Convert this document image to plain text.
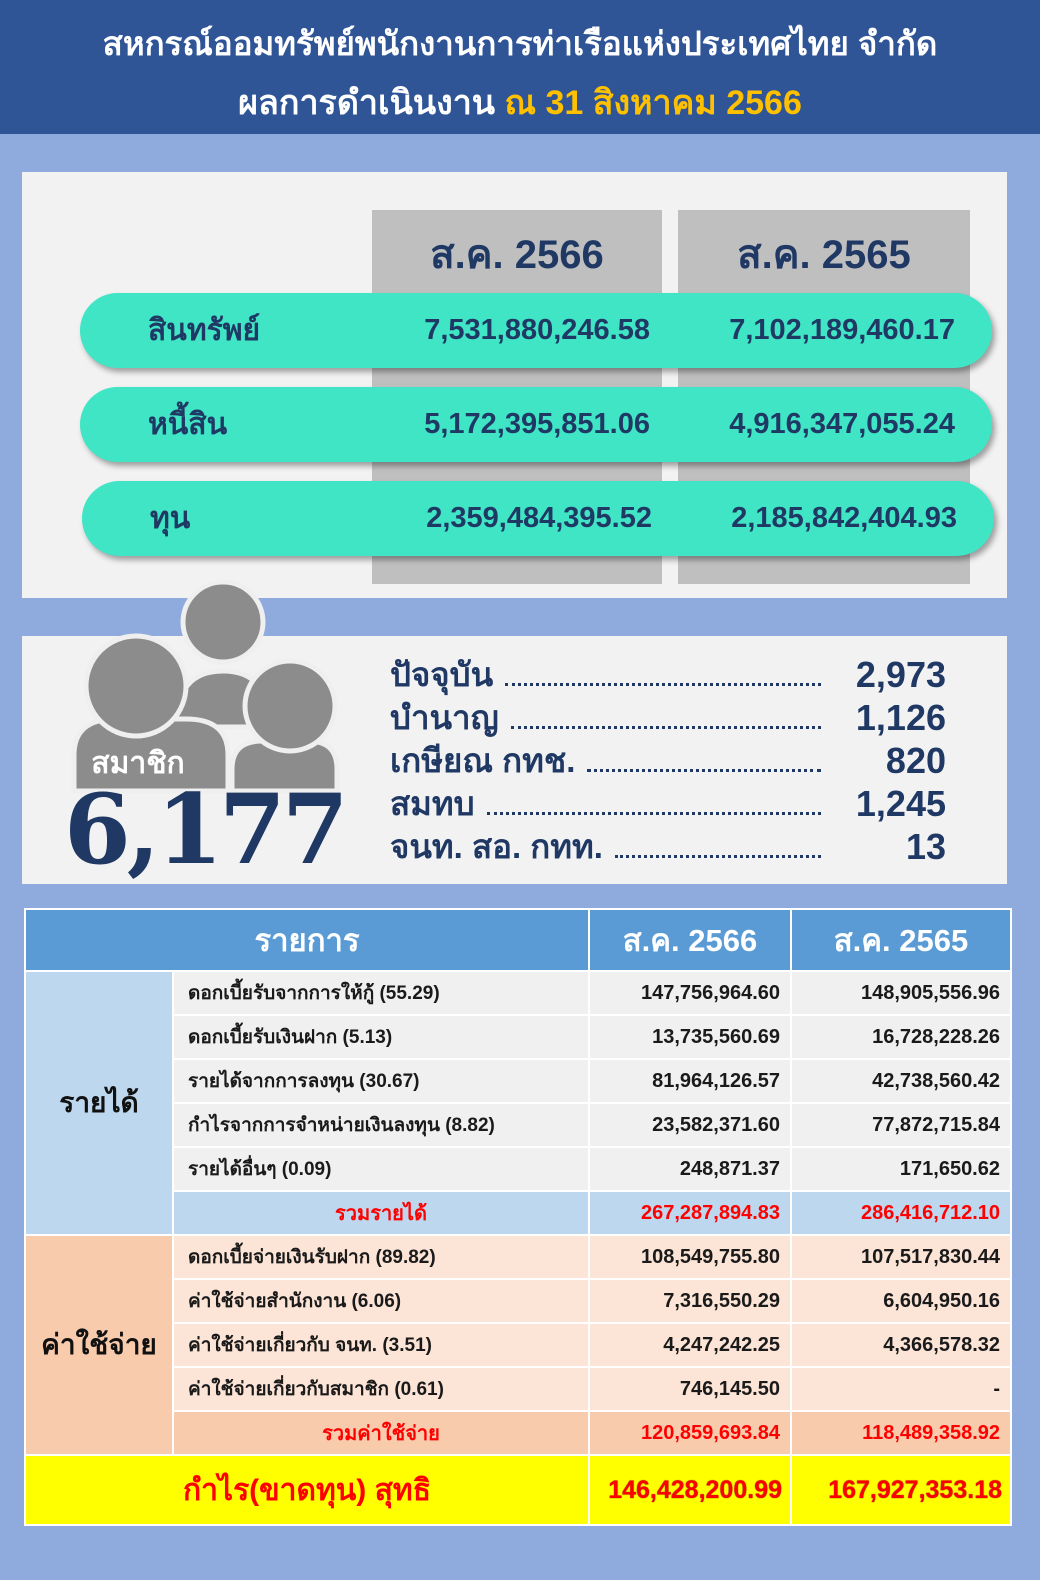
สหกรณ์ออมทรัพย์พนักงานการท่าเรือแห่งประเทศไทย จำกัด
ผลการดำเนินงาน ณ 31 สิงหาคม 2566
ส.ค. 2566	ส.ค. 2565
สินทรัพย์	7,531,880,246.58	7,102,189,460.17
หนี้สิน	5,172,395,851.06	4,916,347,055.24
ทุน	2,359,484,395.52	2,185,842,404.93
ปัจจุบัน	2,973
บำนาญ	1,126
เกษียณ กทช.	820
สมทบ	1,245
จนท. สอ. กทท.	13
สมาชิก
6,177
รายการ		ส.ค. 2566	ส.ค. 2565
รายได้	ดอกเบี้ยรับจากการให้กู้ (55.29)	147,756,964.60	148,905,556.96
	ดอกเบี้ยรับเงินฝาก (5.13)	13,735,560.69	16,728,228.26
	รายได้จากการลงทุน (30.67)	81,964,126.57	42,738,560.42
	กำไรจากการจำหน่ายเงินลงทุน (8.82)	23,582,371.60	77,872,715.84
	รายได้อื่นๆ (0.09)	248,871.37	171,650.62
	รวมรายได้	267,287,894.83	286,416,712.10
ค่าใช้จ่าย	ดอกเบี้ยจ่ายเงินรับฝาก (89.82)	108,549,755.80	107,517,830.44
	ค่าใช้จ่ายสำนักงาน (6.06)	7,316,550.29	6,604,950.16
	ค่าใช้จ่ายเกี่ยวกับ จนท. (3.51)	4,247,242.25	4,366,578.32
	ค่าใช้จ่ายเกี่ยวกับสมาชิก (0.61)	746,145.50	-
	รวมค่าใช้จ่าย	120,859,693.84	118,489,358.92
กำไร(ขาดทุน) สุทธิ		146,428,200.99	167,927,353.18
